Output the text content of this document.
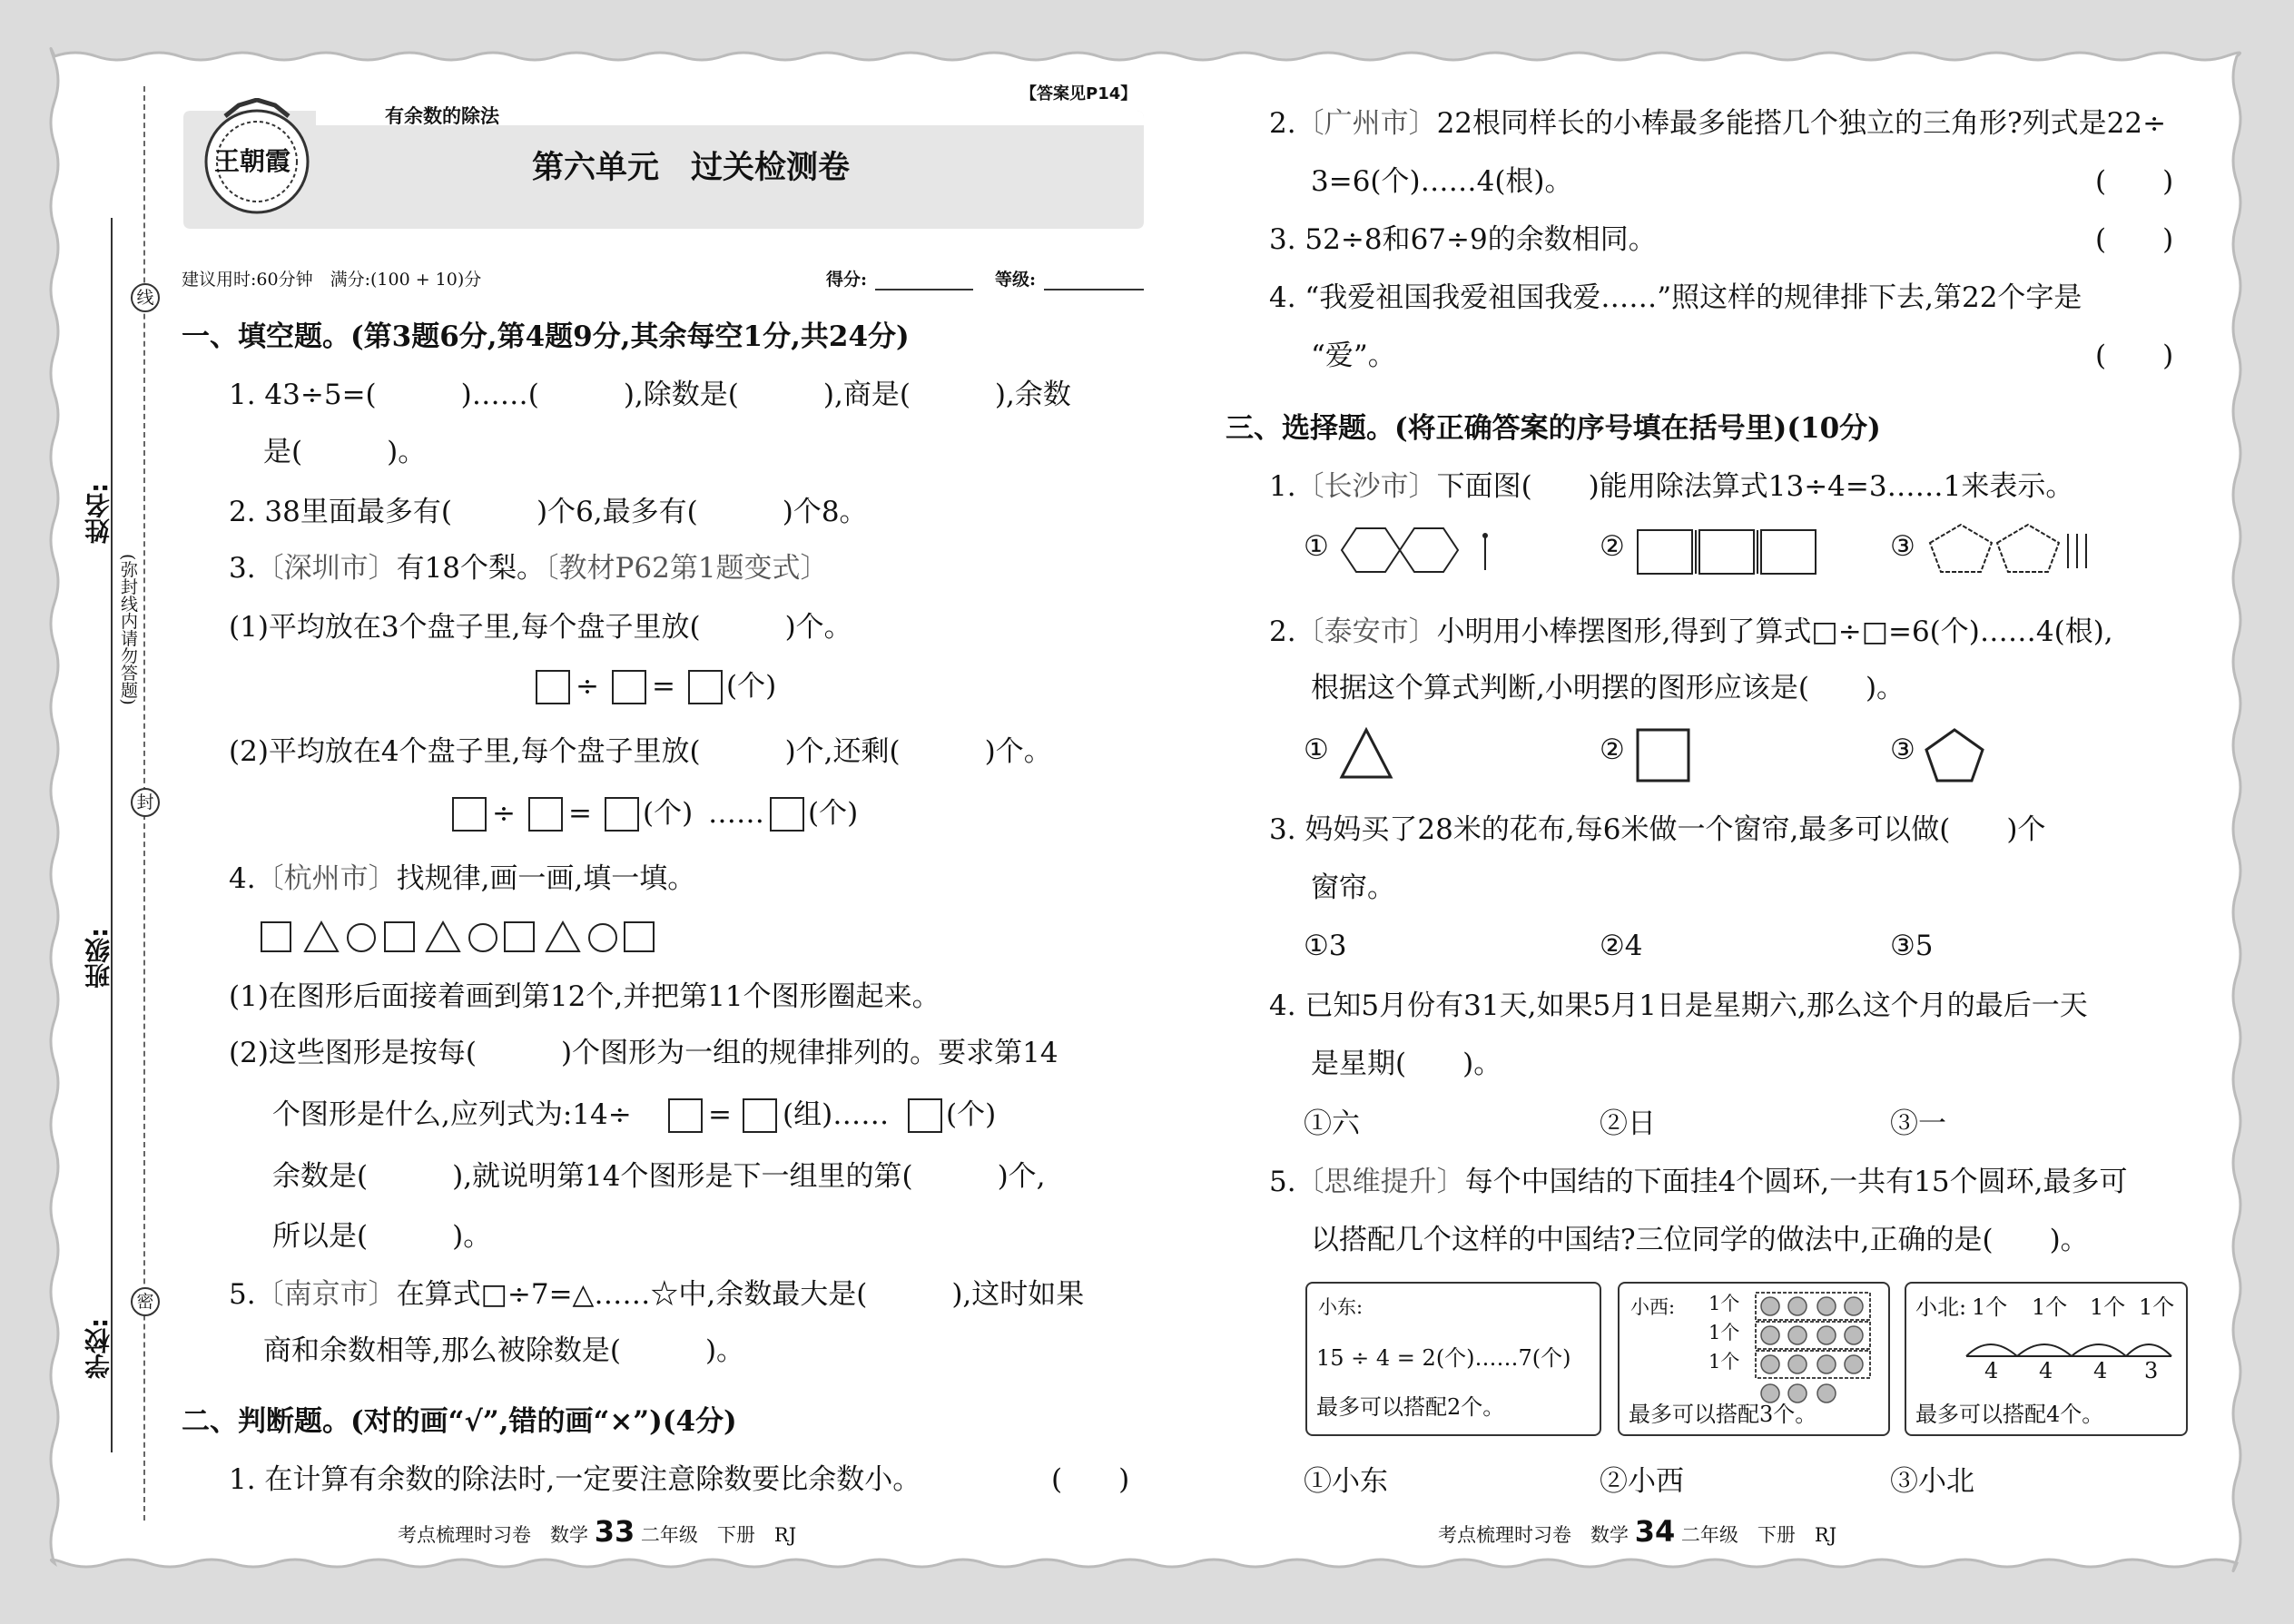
线
封
密
姓名:
班级:
学校:
(弥封线内请勿答题)
王朝霞
有余数的除法
【答案见P14】
第六单元　过关检测卷
建议用时:60分钟　满分:(100 + 10)分	得分:	等级:
一、填空题。(第3题6分,第4题9分,其余每空1分,共24分)
1. 43÷5=(　　　)……(　　　),除数是(　　　),商是(　　　),余数
是(　　　)。
2. 38里面最多有(　　　)个6,最多有(　　　)个8。
3.〔深圳市〕有18个梨。〔教材P62第1题变式〕
(1)平均放在3个盘子里,每个盘子里放(　　　)个。
÷ = (个)
(2)平均放在4个盘子里,每个盘子里放(　　　)个,还剩(　　　)个。
÷ = (个) …… (个)
4.〔杭州市〕找规律,画一画,填一填。
(1)在图形后面接着画到第12个,并把第11个图形圈起来。
(2)这些图形是按每(　　　)个图形为一组的规律排列的。要求第14
个图形是什么,应列式为:14÷	= (组)…… (个)
余数是(　　　),就说明第14个图形是下一组里的第(　　　)个,
所以是(　　　)。
5.〔南京市〕在算式□÷7=△……☆中,余数最大是(　　　),这时如果
商和余数相等,那么被除数是(　　　)。
二、判断题。(对的画“√”,错的画“×”)(4分)
1. 在计算有余数的除法时,一定要注意除数要比余数小。	(　　)
2.〔广州市〕22根同样长的小棒最多能搭几个独立的三角形?列式是22÷
3=6(个)……4(根)。	(　　)
3. 52÷8和67÷9的余数相同。	(　　)
4. “我爱祖国我爱祖国我爱……”照这样的规律排下去,第22个字是
“爱”。	(　　)
三、选择题。(将正确答案的序号填在括号里)(10分)
1.〔长沙市〕下面图(　　)能用除法算式13÷4=3……1来表示。
①	②	③
2.〔泰安市〕小明用小棒摆图形,得到了算式□÷□=6(个)……4(根),
根据这个算式判断,小明摆的图形应该是(　　)。
①	②	③
3. 妈妈买了28米的花布,每6米做一个窗帘,最多可以做(　　)个
窗帘。
①3	②4	③5
4. 已知5月份有31天,如果5月1日是星期六,那么这个月的最后一天
是星期(　　)。
①六	②日	③一
5.〔思维提升〕每个中国结的下面挂4个圆环,一共有15个圆环,最多可
以搭配几个这样的中国结?三位同学的做法中,正确的是(　　)。
小东:
15 ÷ 4 = 2(个)……7(个)
最多可以搭配2个。
小西: 1个
1个
1个
最多可以搭配3个。
小北: 1个 1个 1个 1个
4 4 4 3
最多可以搭配4个。
①小东	②小西	③小北
考点梳理时习卷　数学 33 二年级　下册　RJ	考点梳理时习卷　数学 34 二年级　下册　RJ
